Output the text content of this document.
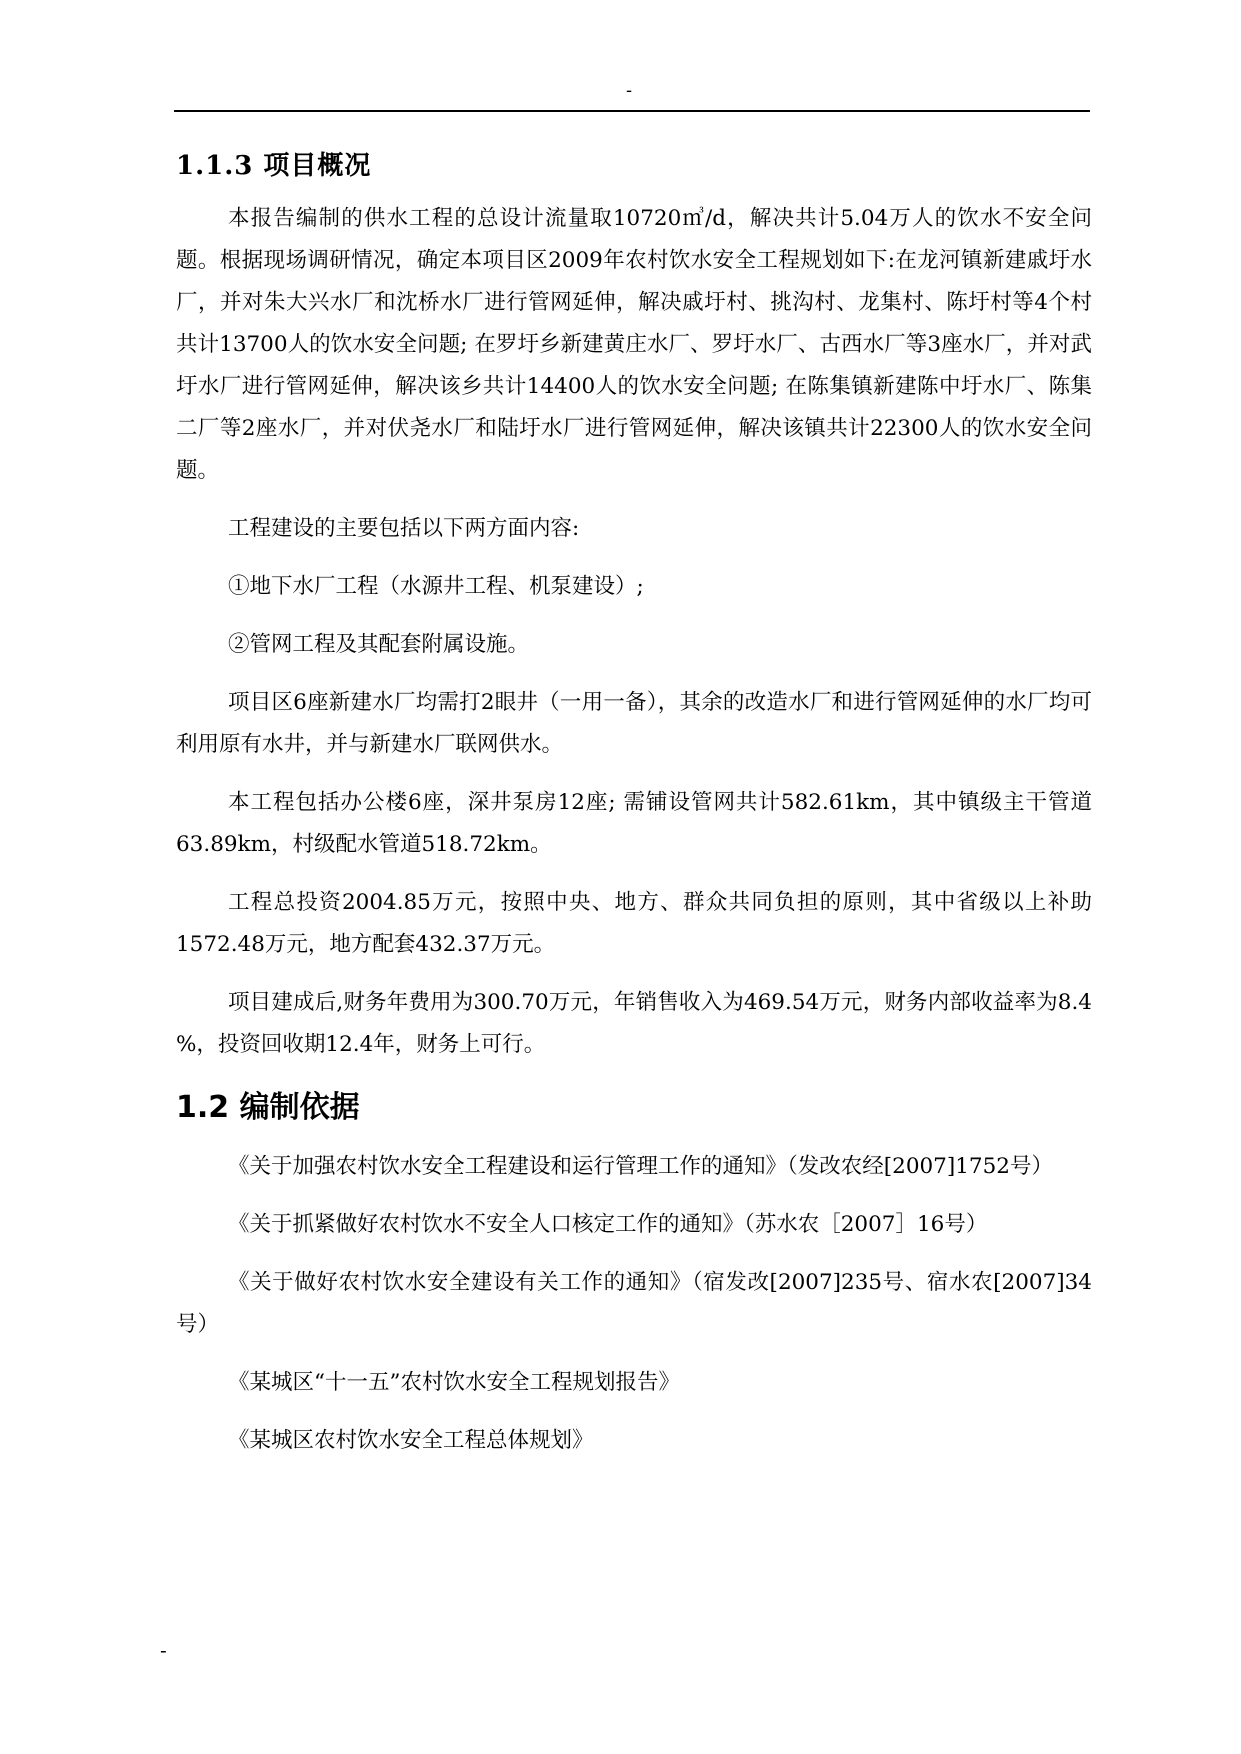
-
1.1.3 项目概况

本报告编制的供水工程的总设计流量取10720㎥/d，解决共计5.04万人的饮水不安全问题。根据现场调研情况，确定本项目区2009年农村饮水安全工程规划如下:在龙河镇新建戚圩水厂，并对朱大兴水厂和沈桥水厂进行管网延伸，解决戚圩村、挑沟村、龙集村、陈圩村等4个村共计13700人的饮水安全问题; 在罗圩乡新建黄庄水厂、罗圩水厂、古西水厂等3座水厂，并对武圩水厂进行管网延伸，解决该乡共计14400人的饮水安全问题; 在陈集镇新建陈中圩水厂、陈集二厂等2座水厂，并对伏尧水厂和陆圩水厂进行管网延伸，解决该镇共计22300人的饮水安全问题。

工程建设的主要包括以下两方面内容:

①地下水厂工程（水源井工程、机泵建设）;

②管网工程及其配套附属设施。

项目区6座新建水厂均需打2眼井（一用一备），其余的改造水厂和进行管网延伸的水厂均可利用原有水井，并与新建水厂联网供水。

本工程包括办公楼6座，深井泵房12座; 需铺设管网共计582.61km，其中镇级主干管道63.89km，村级配水管道518.72km。

工程总投资2004.85万元，按照中央、地方、群众共同负担的原则，其中省级以上补助1572.48万元，地方配套432.37万元。

项目建成后,财务年费用为300.70万元，年销售收入为469.54万元，财务内部收益率为8.4 %，投资回收期12.4年，财务上可行。

1.2 编制依据

《关于加强农村饮水安全工程建设和运行管理工作的通知》（发改农经[2007]1752号）

《关于抓紧做好农村饮水不安全人口核定工作的通知》（苏水农［2007］16号）

《关于做好农村饮水安全建设有关工作的通知》（宿发改[2007]235号、宿水农[2007]34号）

《某城区“十一五”农村饮水安全工程规划报告》

《某城区农村饮水安全工程总体规划》

-
